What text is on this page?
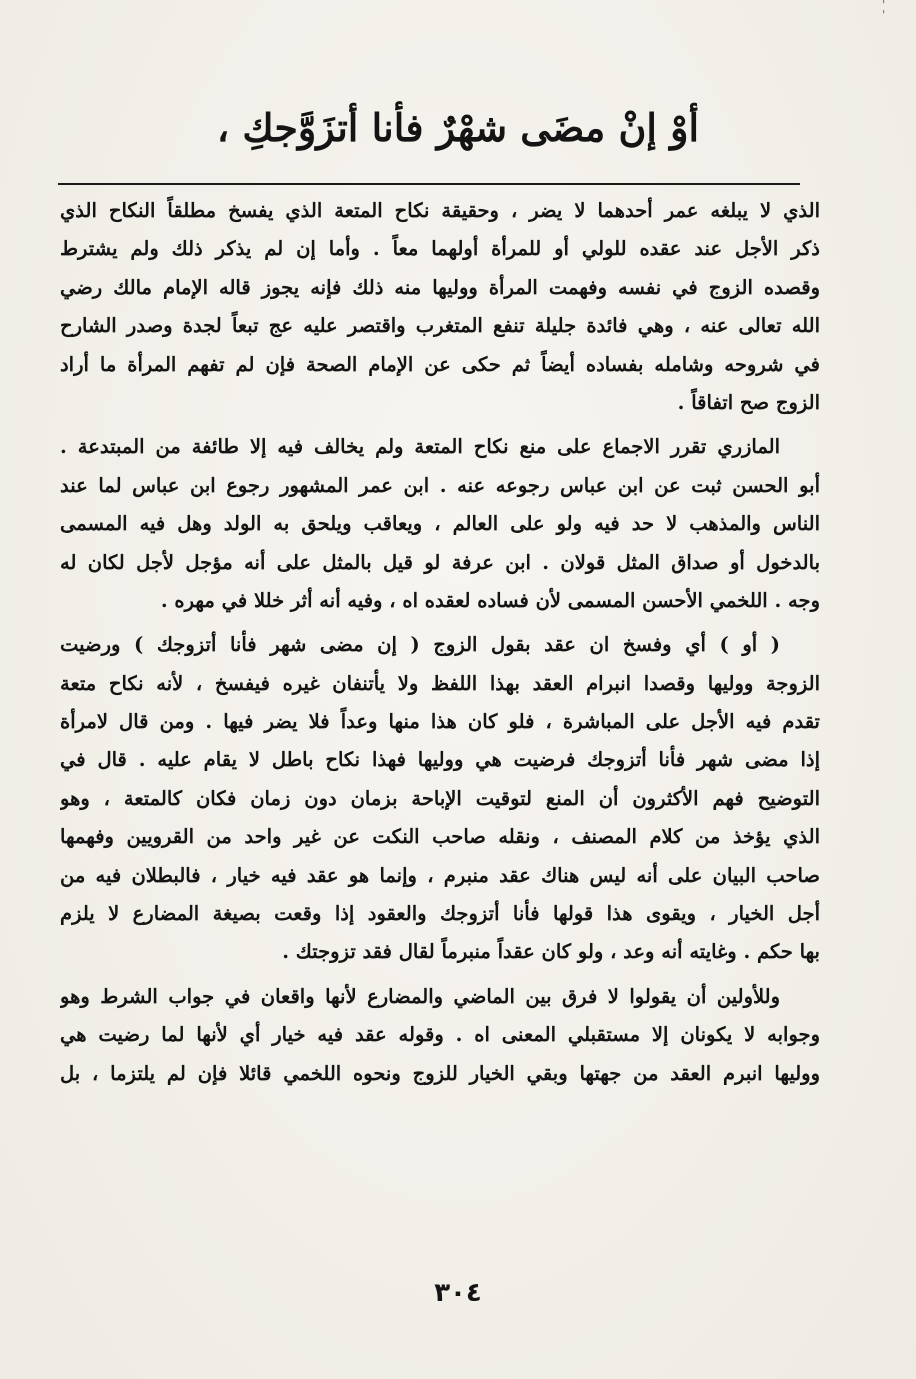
'
'
أوْ إنْ مضَى شهْرٌ فأنا أتزَوَّجكِ ،
الذي لا يبلغه عمر أحدهما لا يضر ، وحقيقة نكاح المتعة الذي يفسخ مطلقاً النكاح الذي
ذكر الأجل عند عقده للولي أو للمرأة أولهما معاً . وأما إن لم يذكر ذلك ولم يشترط
وقصده الزوج في نفسه وفهمت المرأة ووليها منه ذلك فإنه يجوز قاله الإمام مالك رضي
الله تعالى عنه ، وهي فائدة جليلة تنفع المتغرب واقتصر عليه عج تبعاً لجدة وصدر الشارح
في شروحه وشامله بفساده أيضاً ثم حكى عن الإمام الصحة فإن لم تفهم المرأة ما أراد
الزوج صح اتفاقاً .
المازري تقرر الاجماع على منع نكاح المتعة ولم يخالف فيه إلا طائفة من المبتدعة .
أبو الحسن ثبت عن ابن عباس رجوعه عنه . ابن عمر المشهور رجوع ابن عباس لما عند
الناس والمذهب لا حد فيه ولو على العالم ، ويعاقب ويلحق به الولد وهل فيه المسمى
بالدخول أو صداق المثل قولان . ابن عرفة لو قيل بالمثل على أنه مؤجل لأجل لكان له
وجه . اللخمي الأحسن المسمى لأن فساده لعقده اه ، وفيه أنه أثر خللا في مهره .
( أو ) أي وفسخ ان عقد بقول الزوج ( إن مضى شهر فأنا أتزوجك ) ورضيت
الزوجة ووليها وقصدا انبرام العقد بهذا اللفظ ولا يأتنفان غيره فيفسخ ، لأنه نكاح متعة
تقدم فيه الأجل على المباشرة ، فلو كان هذا منها وعداً فلا يضر فيها . ومن قال لامرأة
إذا مضى شهر فأنا أتزوجك فرضيت هي ووليها فهذا نكاح باطل لا يقام عليه . قال في
التوضيح فهم الأكثرون أن المنع لتوقيت الإباحة بزمان دون زمان فكان كالمتعة ، وهو
الذي يؤخذ من كلام المصنف ، ونقله صاحب النكت عن غير واحد من القرويين وفهمها
صاحب البيان على أنه ليس هناك عقد منبرم ، وإنما هو عقد فيه خيار ، فالبطلان فيه من
أجل الخيار ، ويقوى هذا قولها فأنا أتزوجك والعقود إذا وقعت بصيغة المضارع لا يلزم
بها حكم . وغايته أنه وعد ، ولو كان عقداً منبرماً لقال فقد تزوجتك .
وللأولين أن يقولوا لا فرق بين الماضي والمضارع لأنها واقعان في جواب الشرط وهو
وجوابه لا يكونان إلا مستقبلي المعنى اه . وقوله عقد فيه خيار أي لأنها لما رضيت هي
ووليها انبرم العقد من جهتها وبقي الخيار للزوج ونحوه اللخمي قائلا فإن لم يلتزما ، بل
٣٠٤
